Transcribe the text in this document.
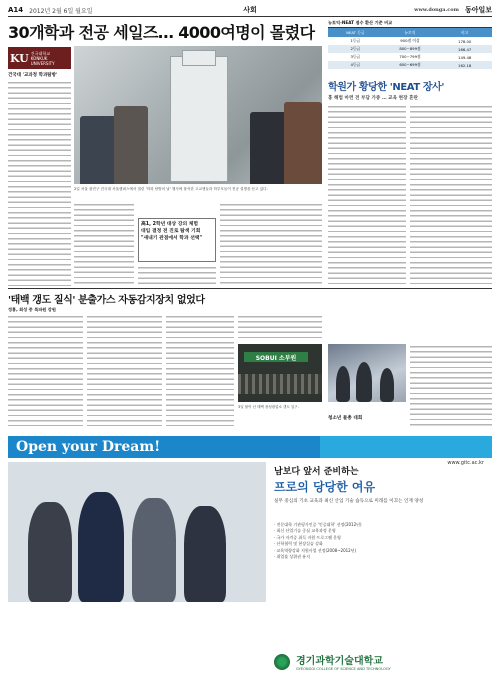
A14 2012년 2월 6일 월요일	사회	www.donga.com 동아일보
30개학과 전공 세일즈… 4000여명이 몰렸다
KU 건국대학교
KONKUK UNIVERSITY
건국대 '교과정 학과탐방'
2일 서울 광진구 건국대 서울캠퍼스에서 열린 '학과 탐방의 날' 행사에 참석한 고교생들과 학부모들이 전공 설명을 듣고 있다.
高1, 2학년 대상 강의 체험
대입 결정 전 진로 탐색 기회
"새내기 관점에서 학과 선택"
뉴토익-NEAT 점수 환산 기준 비교
NEAT 등급	뉴토익	비고
1등급	900점 이상	178.00
2등급	800~899점	166.47
3등급	700~799점	149.48
4등급	600~699점	162.18
학원가 황당한 'NEAT 장사'
홍 해법 마련 전 부담 가중 … 교육 현장 혼란
'태백 갱도 질식' 분출가스 자동감지장치 없었다
정홍, 최성 중 특파원 강원
SOBUI 소부원
3일 불이 난 태백 장성광업소 갱도 입구.
청소년 물총 대회
Open your Dream!
www.gitc.ac.kr
남보다 앞서 준비하는
프로의 당당한 여유
실무 중심의 기초 교육과 최신 산업 기술 습득으로 미래를 이끄는 인재 양성
· 전문대학 기관평가인증 '인증대학' 선정(2012년)
· 최신 산업기술 중심 교육과정 운영
· 국가 자격증 취득 지원 프로그램 운영
· 산학협력 및 현장실습 강화
· 교육역량강화 지원사업 선정(2008~2012년)
· 취업률 상위권 유지
경기과학기술대학교
GYEONGGI COLLEGE OF SCIENCE AND TECHNOLOGY
